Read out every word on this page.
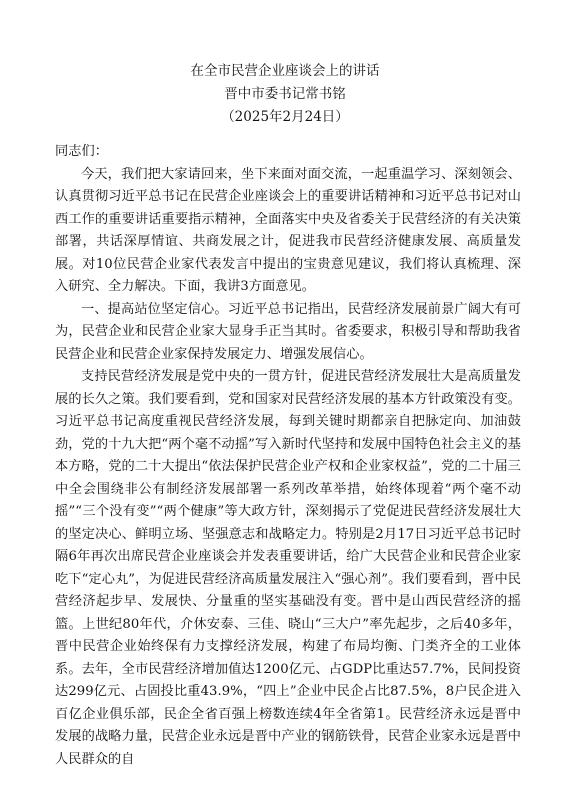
在全市民营企业座谈会上的讲话
晋中市委书记常书铭
（2025年2月24日）

同志们：

今天，我们把大家请回来，坐下来面对面交流，一起重温学习、深刻领会、认真贯彻习近平总书记在民营企业座谈会上的重要讲话精神和习近平总书记对山西工作的重要讲话重要指示精神，全面落实中央及省委关于民营经济的有关决策部署，共话深厚情谊、共商发展之计，促进我市民营经济健康发展、高质量发展。对10位民营企业家代表发言中提出的宝贵意见建议，我们将认真梳理、深入研究、全力解决。下面，我讲3方面意见。

一、提高站位坚定信心。习近平总书记指出，民营经济发展前景广阔大有可为，民营企业和民营企业家大显身手正当其时。省委要求，积极引导和帮助我省民营企业和民营企业家保持发展定力、增强发展信心。

支持民营经济发展是党中央的一贯方针，促进民营经济发展壮大是高质量发展的长久之策。我们要看到，党和国家对民营经济发展的基本方针政策没有变。习近平总书记高度重视民营经济发展，每到关键时期都亲自把脉定向、加油鼓劲，党的十九大把“两个毫不动摇”写入新时代坚持和发展中国特色社会主义的基本方略，党的二十大提出“依法保护民营企业产权和企业家权益”，党的二十届三中全会围绕非公有制经济发展部署一系列改革举措，始终体现着“两个毫不动摇”“三个没有变”“两个健康”等大政方针，深刻揭示了党促进民营经济发展壮大的坚定决心、鲜明立场、坚强意志和战略定力。特别是2月17日习近平总书记时隔6年再次出席民营企业座谈会并发表重要讲话，给广大民营企业和民营企业家吃下“定心丸”，为促进民营经济高质量发展注入“强心剂”。我们要看到，晋中民营经济起步早、发展快、分量重的坚实基础没有变。晋中是山西民营经济的摇篮。上世纪80年代，介休安泰、三佳、晓山“三大户”率先起步，之后40多年，晋中民营企业始终保有力支撑经济发展，构建了布局均衡、门类齐全的工业体系。去年，全市民营经济增加值达1200亿元、占GDP比重达57.7%，民间投资达299亿元、占固投比重43.9%，“四上”企业中民企占比87.5%，8户民企进入百亿企业俱乐部，民企全省百强上榜数连续4年全省第1。民营经济永远是晋中发展的战略力量，民营企业永远是晋中产业的钢筋铁骨，民营企业家永远是晋中人民群众的自
